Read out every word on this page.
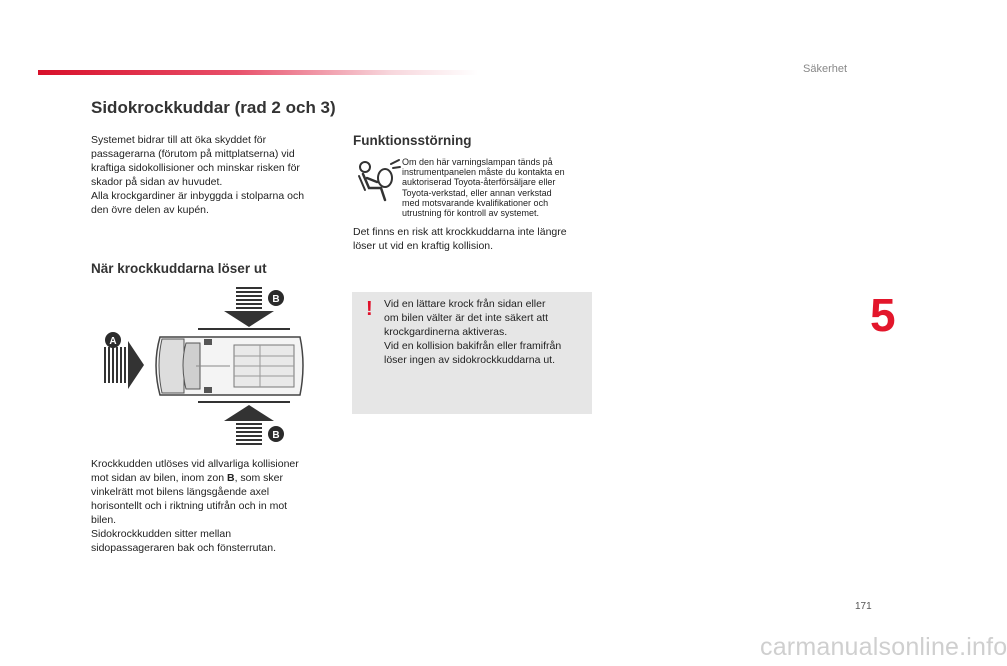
Säkerhet
Sidokrockkuddar (rad 2 och 3)
Systemet bidrar till att öka skyddet för
passagerarna (förutom på mittplatserna) vid
kraftiga sidokollisioner och minskar risken för
skador på sidan av huvudet.
Alla krockgardiner är inbyggda i stolparna och
den övre delen av kupén.
När krockkuddarna löser ut
B
B
A
Krockkudden utlöses vid allvarliga kollisioner
mot sidan av bilen, inom zon B, som sker
vinkelrätt mot bilens längsgående axel
horisontellt och i riktning utifrån och in mot
bilen.
Sidokrockkudden sitter mellan
sidopassageraren bak och fönsterrutan.
Funktionsstörning
Om den här varningslampan tänds på
instrumentpanelen måste du kontakta en
auktoriserad Toyota-återförsäljare eller
Toyota-verkstad, eller annan verkstad
med motsvarande kvalifikationer och
utrustning för kontroll av systemet.
Det finns en risk att krockkuddarna inte längre
löser ut vid en kraftig kollision.
! Vid en lättare krock från sidan eller
om bilen välter är det inte säkert att
krockgardinerna aktiveras.
Vid en kollision bakifrån eller framifrån
löser ingen av sidokrockkuddarna ut.
5
171
carmanualsonline.info
